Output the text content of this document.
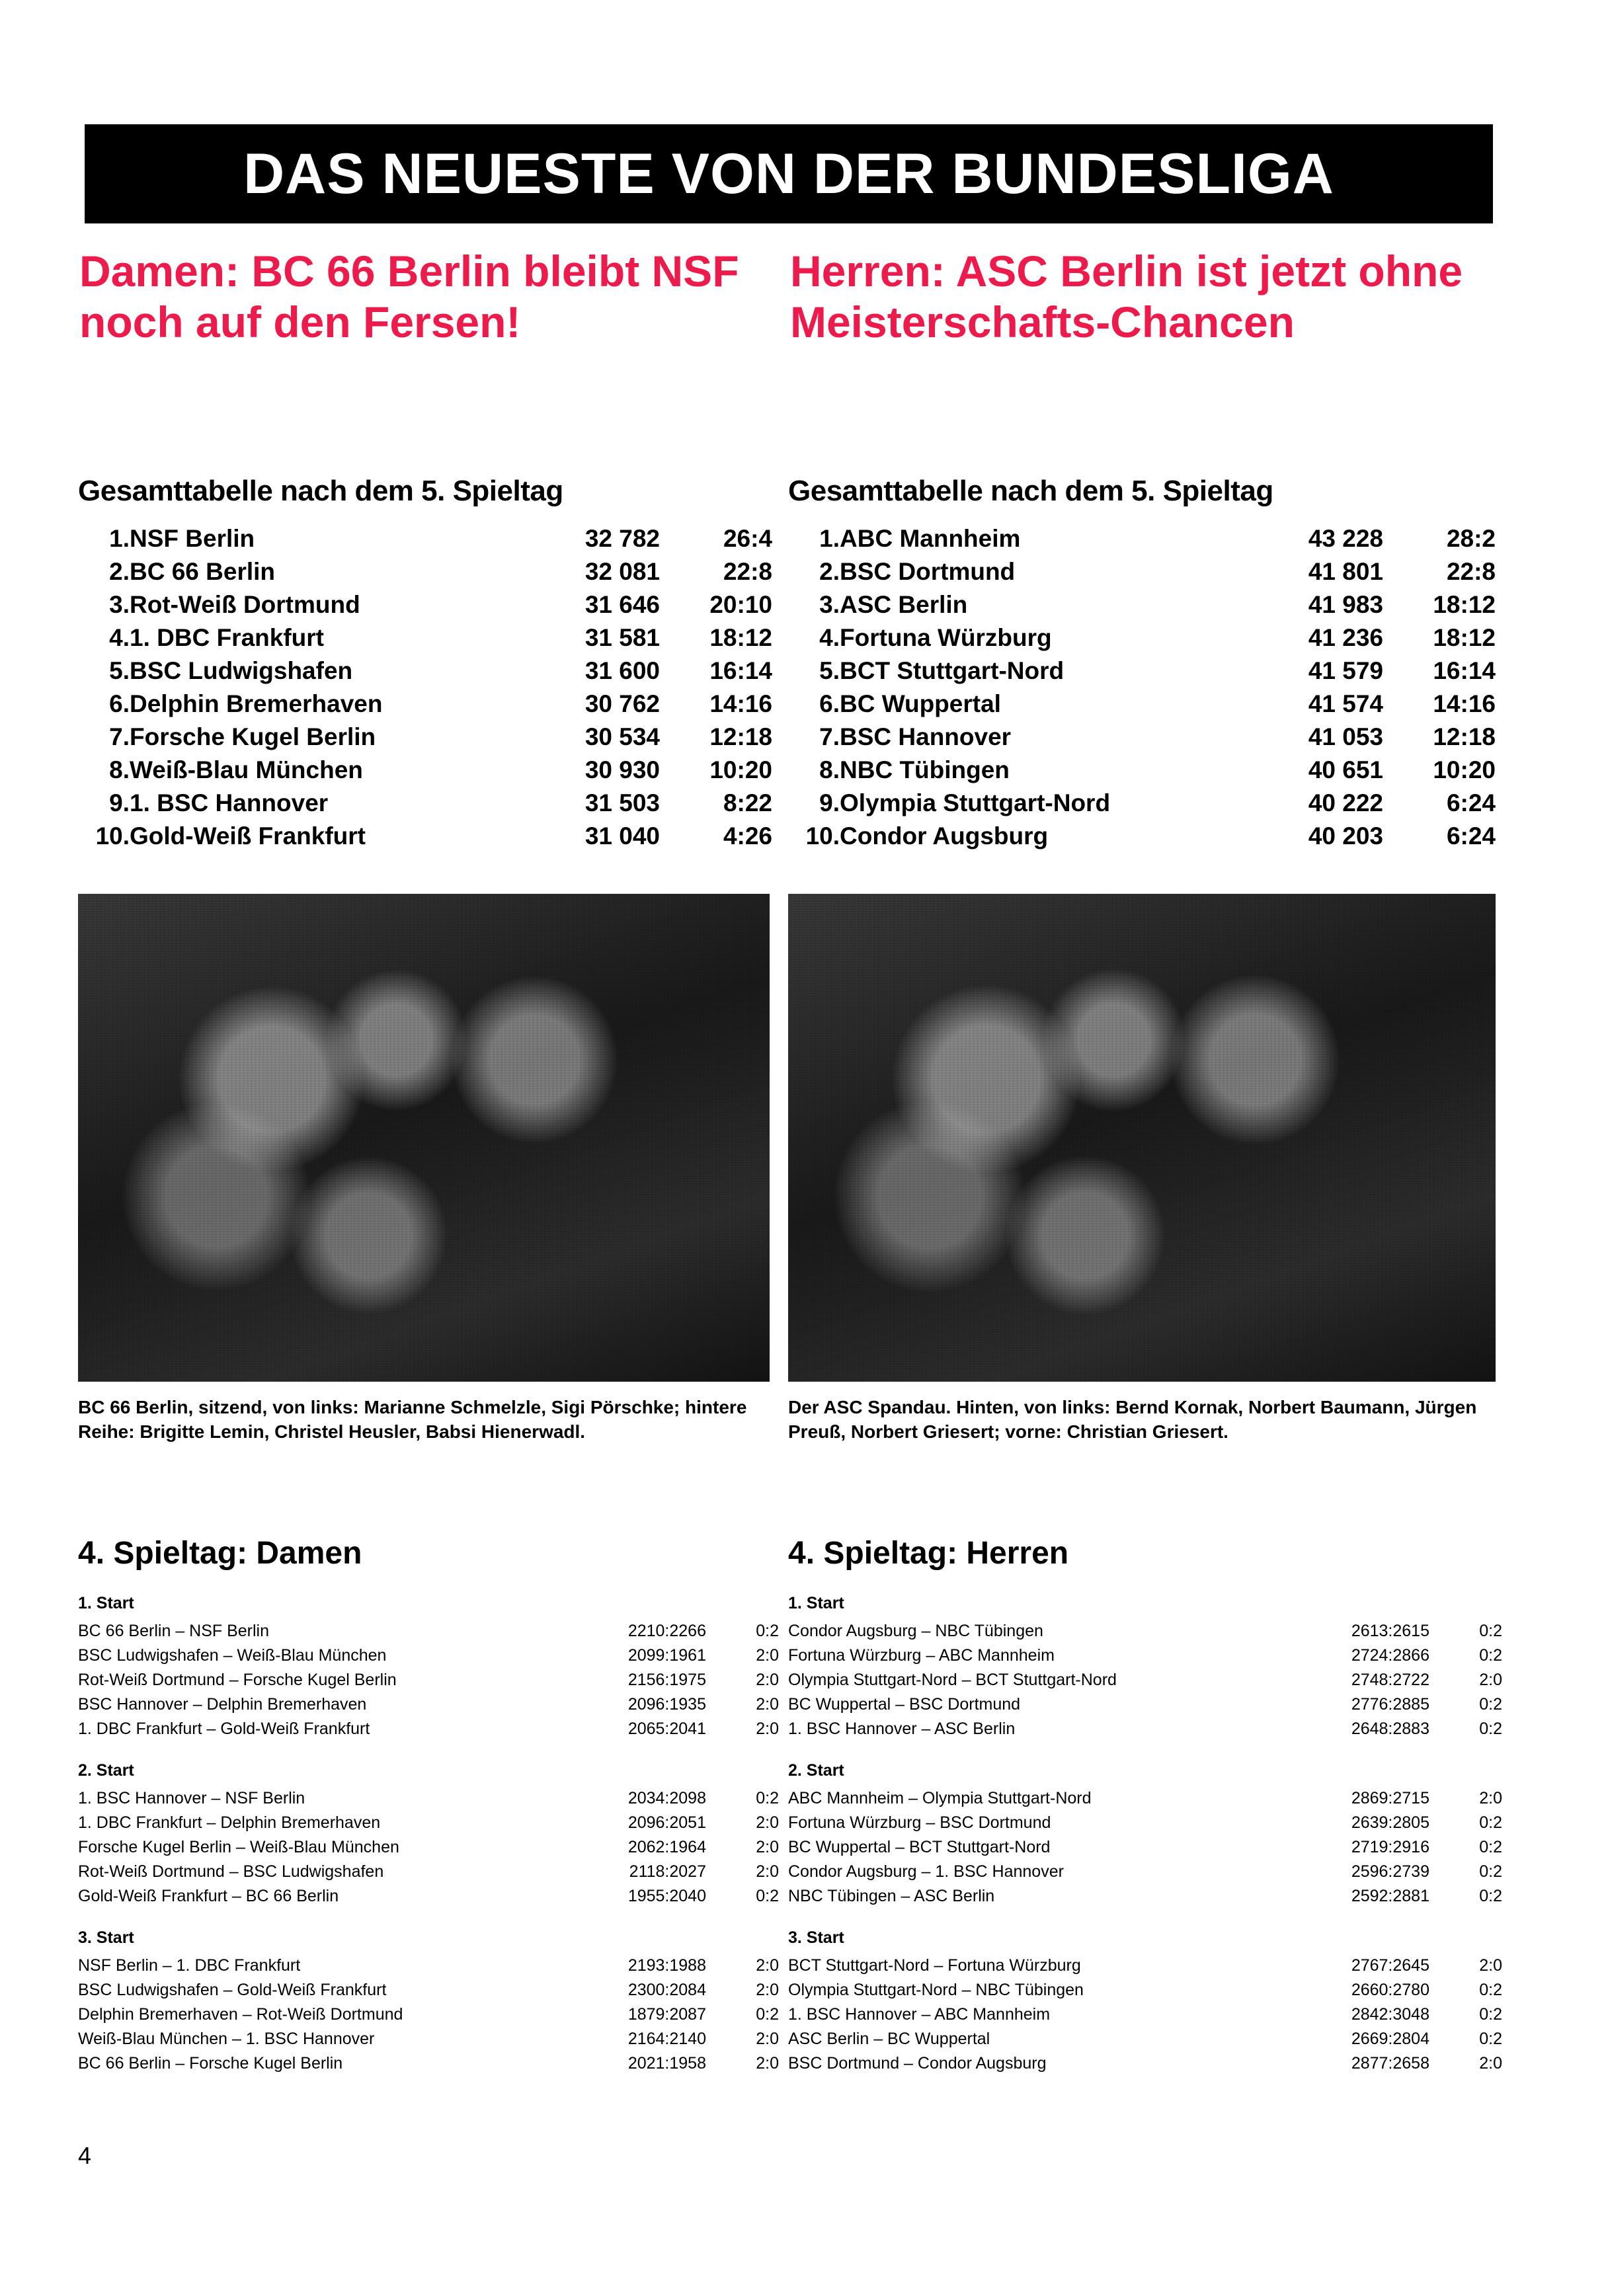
DAS NEUESTE VON DER BUNDESLIGA
Damen: BC 66 Berlin bleibt NSF noch auf den Fersen!
Herren: ASC Berlin ist jetzt ohne Meisterschafts-Chancen
Gesamttabelle nach dem 5. Spieltag
1.	NSF Berlin	32 782	26:4
2.	BC 66 Berlin	32 081	22:8
3.	Rot-Weiß Dortmund	31 646	20:10
4.	1. DBC Frankfurt	31 581	18:12
5.	BSC Ludwigshafen	31 600	16:14
6.	Delphin Bremerhaven	30 762	14:16
7.	Forsche Kugel Berlin	30 534	12:18
8.	Weiß-Blau München	30 930	10:20
9.	1. BSC Hannover	31 503	8:22
10.	Gold-Weiß Frankfurt	31 040	4:26
Gesamttabelle nach dem 5. Spieltag
1.	ABC Mannheim	43 228	28:2
2.	BSC Dortmund	41 801	22:8
3.	ASC Berlin	41 983	18:12
4.	Fortuna Würzburg	41 236	18:12
5.	BCT Stuttgart-Nord	41 579	16:14
6.	BC Wuppertal	41 574	14:16
7.	BSC Hannover	41 053	12:18
8.	NBC Tübingen	40 651	10:20
9.	Olympia Stuttgart-Nord	40 222	6:24
10.	Condor Augsburg	40 203	6:24
BC 66 Berlin, sitzend, von links: Marianne Schmelzle, Sigi Pörschke; hintere Reihe: Brigitte Lemin, Christel Heusler, Babsi Hienerwadl.
Der ASC Spandau. Hinten, von links: Bernd Kornak, Norbert Baumann, Jürgen Preuß, Norbert Griesert; vorne: Christian Griesert.
4. Spieltag: Damen
1. Start
BC 66 Berlin – NSF Berlin	2210:2266	0:2
BSC Ludwigshafen – Weiß-Blau München	2099:1961	2:0
Rot-Weiß Dortmund – Forsche Kugel Berlin	2156:1975	2:0
BSC Hannover – Delphin Bremerhaven	2096:1935	2:0
1. DBC Frankfurt – Gold-Weiß Frankfurt	2065:2041	2:0
2. Start
1. BSC Hannover – NSF Berlin	2034:2098	0:2
1. DBC Frankfurt – Delphin Bremerhaven	2096:2051	2:0
Forsche Kugel Berlin – Weiß-Blau München	2062:1964	2:0
Rot-Weiß Dortmund – BSC Ludwigshafen	2118:2027	2:0
Gold-Weiß Frankfurt – BC 66 Berlin	1955:2040	0:2
3. Start
NSF Berlin – 1. DBC Frankfurt	2193:1988	2:0
BSC Ludwigshafen – Gold-Weiß Frankfurt	2300:2084	2:0
Delphin Bremerhaven – Rot-Weiß Dortmund	1879:2087	0:2
Weiß-Blau München – 1. BSC Hannover	2164:2140	2:0
BC 66 Berlin – Forsche Kugel Berlin	2021:1958	2:0
4. Spieltag: Herren
1. Start
Condor Augsburg – NBC Tübingen	2613:2615	0:2
Fortuna Würzburg – ABC Mannheim	2724:2866	0:2
Olympia Stuttgart-Nord – BCT Stuttgart-Nord	2748:2722	2:0
BC Wuppertal – BSC Dortmund	2776:2885	0:2
1. BSC Hannover – ASC Berlin	2648:2883	0:2
2. Start
ABC Mannheim – Olympia Stuttgart-Nord	2869:2715	2:0
Fortuna Würzburg – BSC Dortmund	2639:2805	0:2
BC Wuppertal – BCT Stuttgart-Nord	2719:2916	0:2
Condor Augsburg – 1. BSC Hannover	2596:2739	0:2
NBC Tübingen – ASC Berlin	2592:2881	0:2
3. Start
BCT Stuttgart-Nord – Fortuna Würzburg	2767:2645	2:0
Olympia Stuttgart-Nord – NBC Tübingen	2660:2780	0:2
1. BSC Hannover – ABC Mannheim	2842:3048	0:2
ASC Berlin – BC Wuppertal	2669:2804	0:2
BSC Dortmund – Condor Augsburg	2877:2658	2:0
4
